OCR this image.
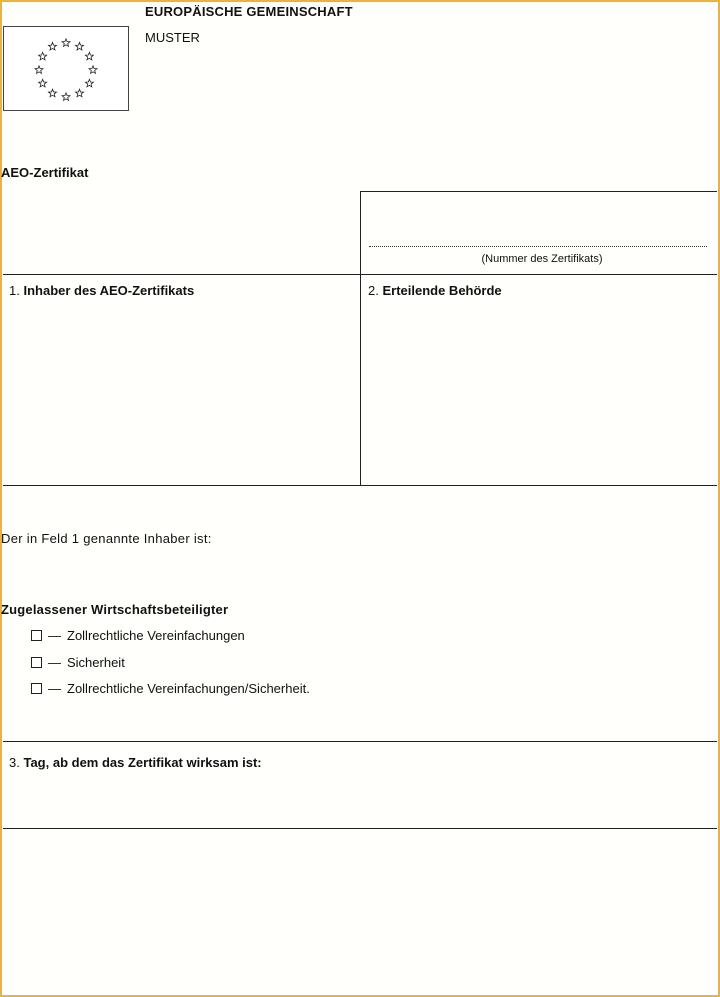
EUROPÄISCHE GEMEINSCHAFT
MUSTER
AEO-Zertifikat
(Nummer des Zertifikats)
1. Inhaber des AEO-Zertifikats	2. Erteilende Behörde
Der in Feld 1 genannte Inhaber ist:
Zugelassener Wirtschaftsbeteiligter
— Zollrechtliche Vereinfachungen
— Sicherheit
— Zollrechtliche Vereinfachungen/Sicherheit.
3. Tag, ab dem das Zertifikat wirksam ist:
